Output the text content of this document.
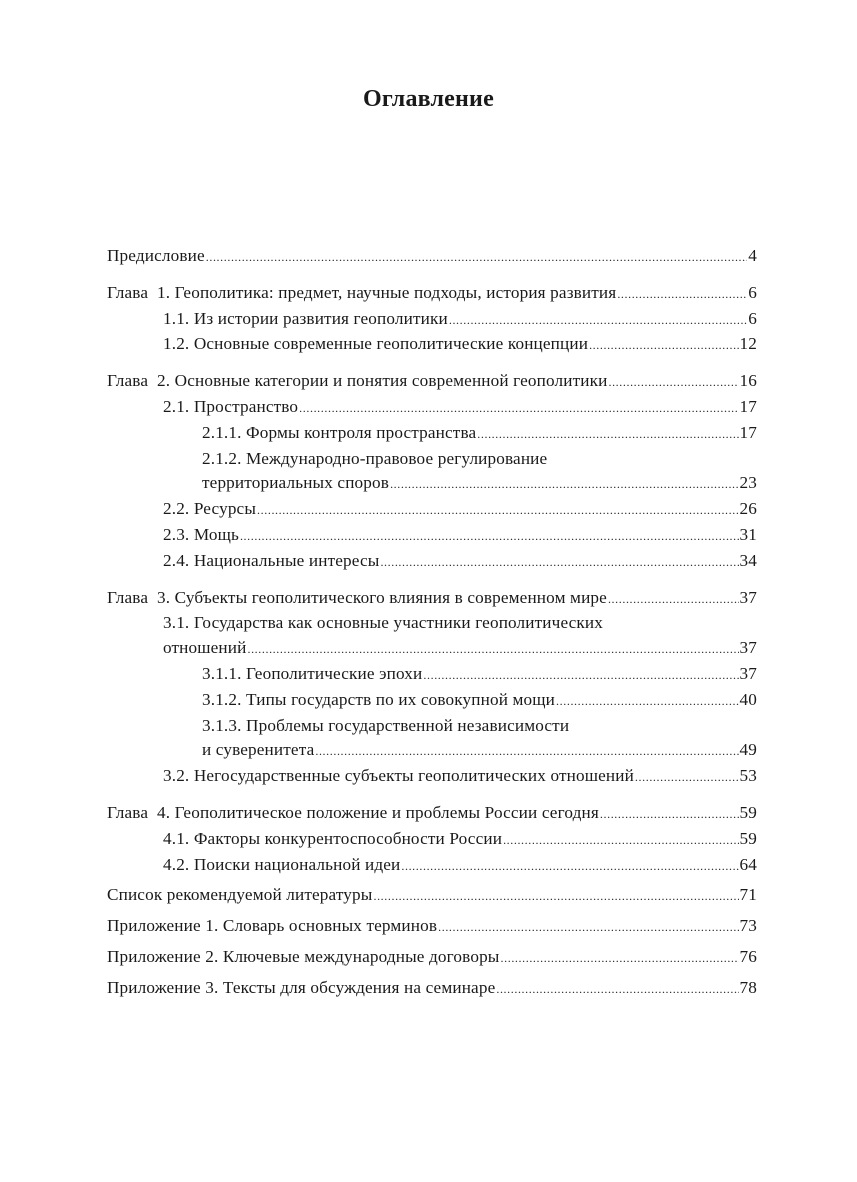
Оглавление
Предисловие .....	4
Глава  1. Геополитика: предмет, научные подходы, история развития .....	6
1.1. Из истории развития геополитики .....	6
1.2. Основные современные геополитические концепции .....	12
Глава  2. Основные категории и понятия современной геополитики .....	16
2.1. Пространство .....	17
2.1.1. Формы контроля пространства .....	17
2.1.2. Международно-правовое регулирование
территориальных споров .....	23
2.2. Ресурсы .....	26
2.3. Мощь .....	31
2.4. Национальные интересы .....	34
Глава  3. Субъекты геополитического влияния в современном мире .....	37
3.1. Государства как основные участники геополитических
отношений .....	37
3.1.1. Геополитические эпохи .....	37
3.1.2. Типы государств по их совокупной мощи .....	40
3.1.3. Проблемы государственной независимости
и суверенитета .....	49
3.2. Негосударственные субъекты геополитических отношений .....	53
Глава  4. Геополитическое положение и проблемы России сегодня .....	59
4.1. Факторы конкурентоспособности России .....	59
4.2. Поиски национальной идеи .....	64
Список рекомендуемой литературы .....	71
Приложение 1. Словарь основных терминов .....	73
Приложение 2. Ключевые международные договоры .....	76
Приложение 3. Тексты для обсуждения на семинаре .....	78
